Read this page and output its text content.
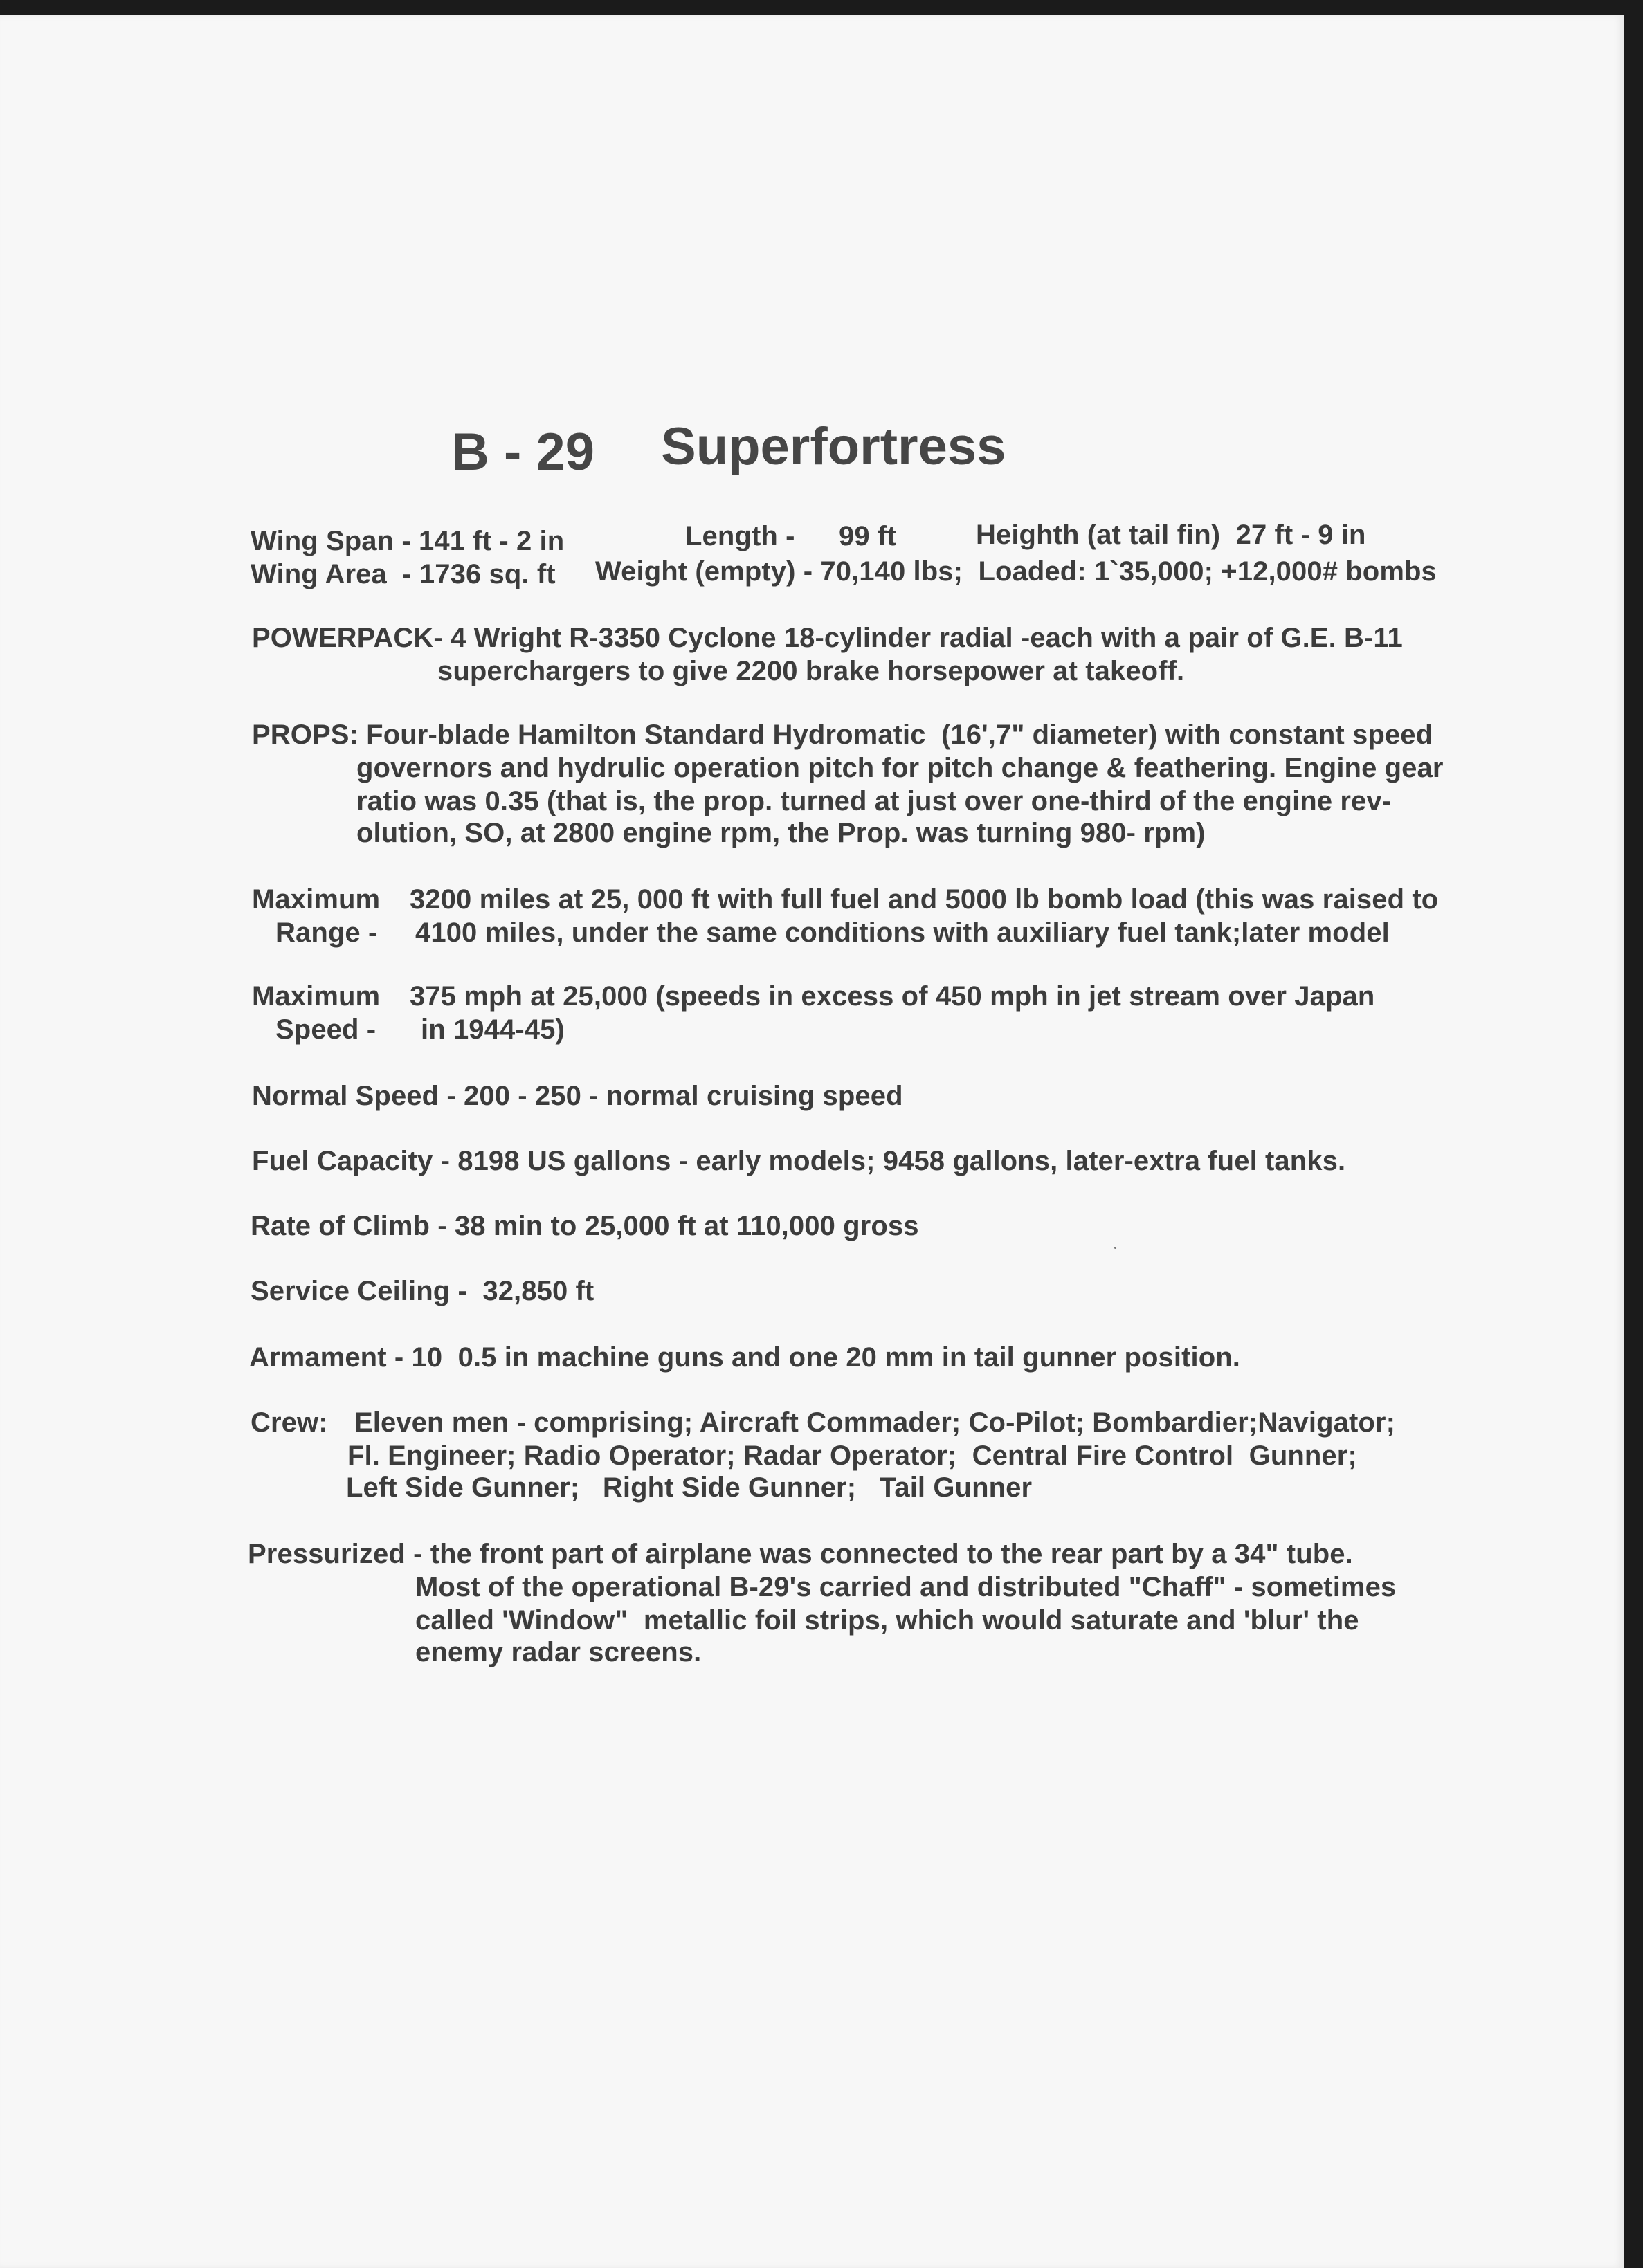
B - 29 Superfortress
Wing Span - 141 ft - 2 in	Length - 99 ft	Heighth (at tail fin)  27 ft - 9 in
Wing Area  - 1736 sq. ft Weight (empty) - 70,140 lbs;  Loaded: 1`35,000; +12,000# bombs
POWERPACK- 4 Wright R-3350 Cyclone 18-cylinder radial -each with a pair of G.E. B-11
superchargers to give 2200 brake horsepower at takeoff.
PROPS: Four-blade Hamilton Standard Hydromatic  (16',7" diameter) with constant speed
governors and hydrulic operation pitch for pitch change & feathering. Engine gear
ratio was 0.35 (that is, the prop. turned at just over one-third of the engine rev-
olution, SO, at 2800 engine rpm, the Prop. was turning 980- rpm)
Maximum
Range -
3200 miles at 25, 000 ft with full fuel and 5000 lb bomb load (this was raised to
4100 miles, under the same conditions with auxiliary fuel tank;later model
Maximum
Speed -
375 mph at 25,000 (speeds in excess of 450 mph in jet stream over Japan
in 1944-45)
Normal Speed - 200 - 250 - normal cruising speed
Fuel Capacity - 8198 US gallons - early models; 9458 gallons, later-extra fuel tanks.
Rate of Climb - 38 min to 25,000 ft at 110,000 gross
Service Ceiling -  32,850 ft
Armament - 10  0.5 in machine guns and one 20 mm in tail gunner position.
Crew: Eleven men - comprising; Aircraft Commader; Co-Pilot; Bombardier;Navigator;
Fl. Engineer; Radio Operator; Radar Operator;  Central Fire Control  Gunner;
Left Side Gunner;   Right Side Gunner;   Tail Gunner
Pressurized - the front part of airplane was connected to the rear part by a 34" tube.
Most of the operational B-29's carried and distributed "Chaff" - sometimes
called 'Window"  metallic foil strips, which would saturate and 'blur' the
enemy radar screens.
